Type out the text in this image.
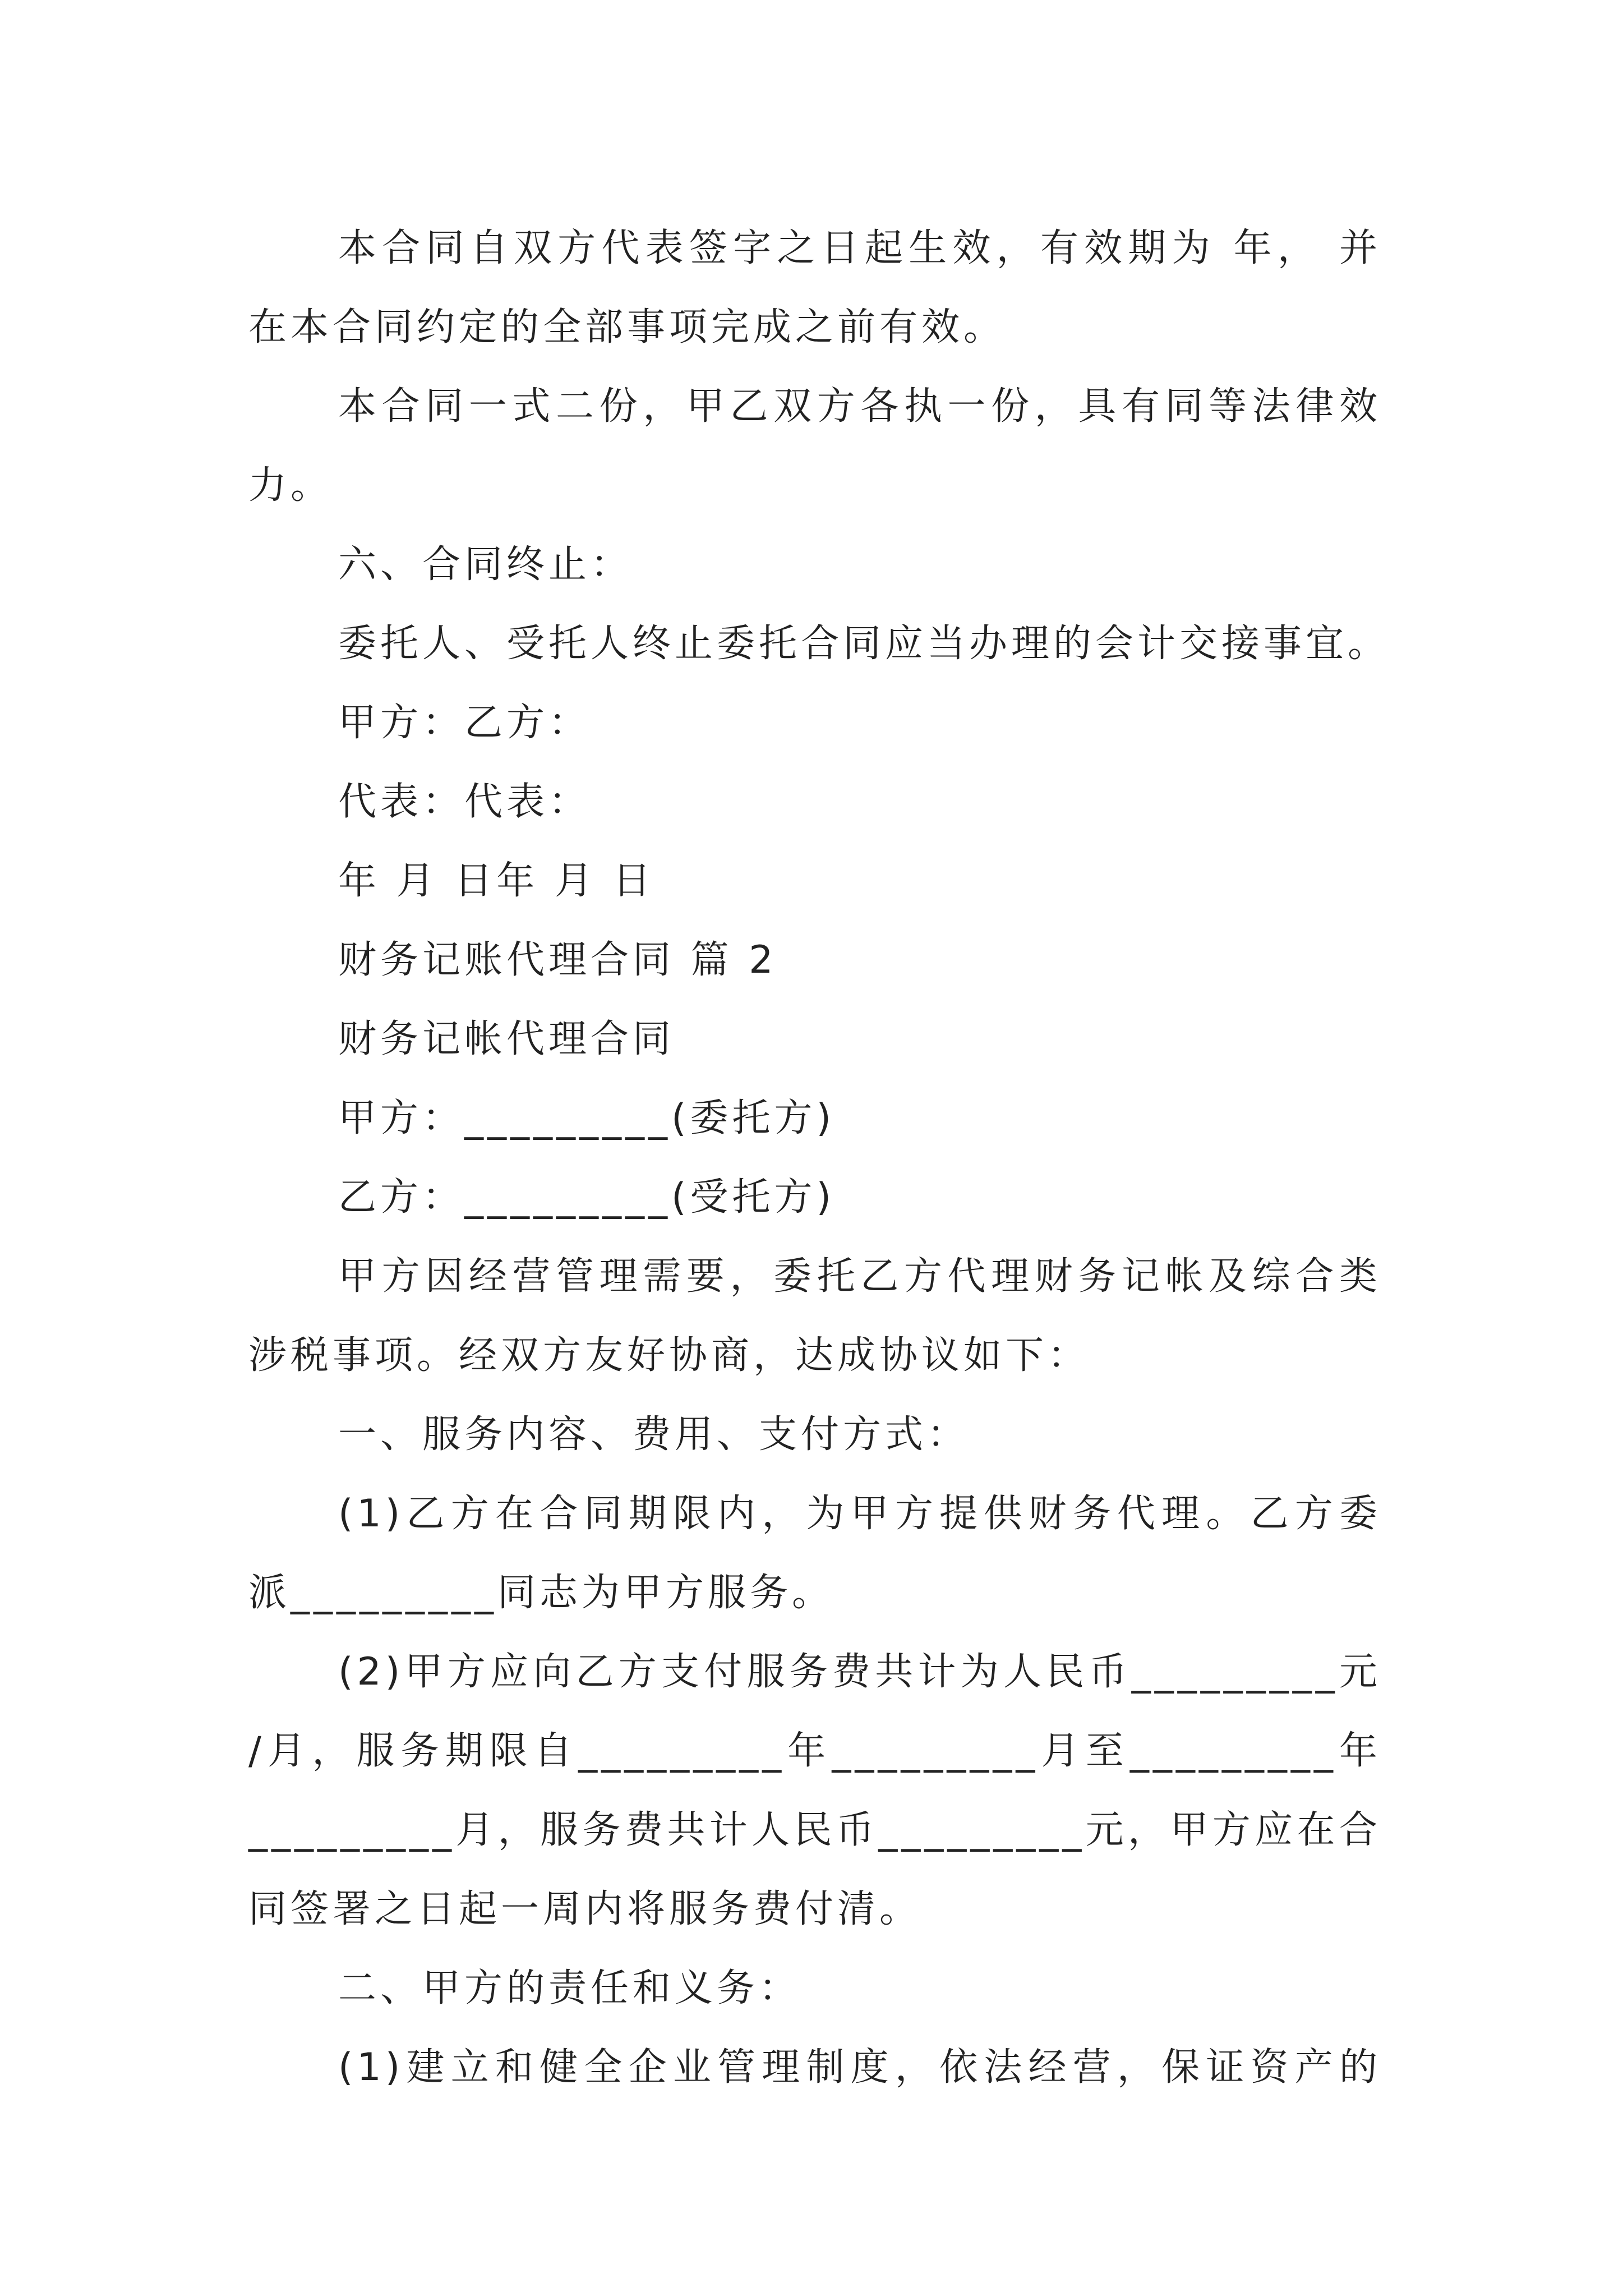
本合同自双方代表签字之日起生效，有效期为 年， 并
在本合同约定的全部事项完成之前有效。
本合同一式二份，甲乙双方各执一份，具有同等法律效
力。
六、合同终止：
委托人、受托人终止委托合同应当办理的会计交接事宜。
甲方：乙方：
代表：代表：
年 月 日年 月 日
财务记账代理合同 篇 2
财务记帐代理合同
甲方：_________(委托方)
乙方：_________(受托方)
甲方因经营管理需要，委托乙方代理财务记帐及综合类
涉税事项。经双方友好协商，达成协议如下：
一、服务内容、费用、支付方式：
(1)乙方在合同期限内，为甲方提供财务代理。乙方委
派_________同志为甲方服务。
(2)甲方应向乙方支付服务费共计为人民币_________元
/月，服务期限自_________年_________月至_________年
_________月，服务费共计人民币_________元，甲方应在合
同签署之日起一周内将服务费付清。
二、甲方的责任和义务：
(1)建立和健全企业管理制度，依法经营，保证资产的
